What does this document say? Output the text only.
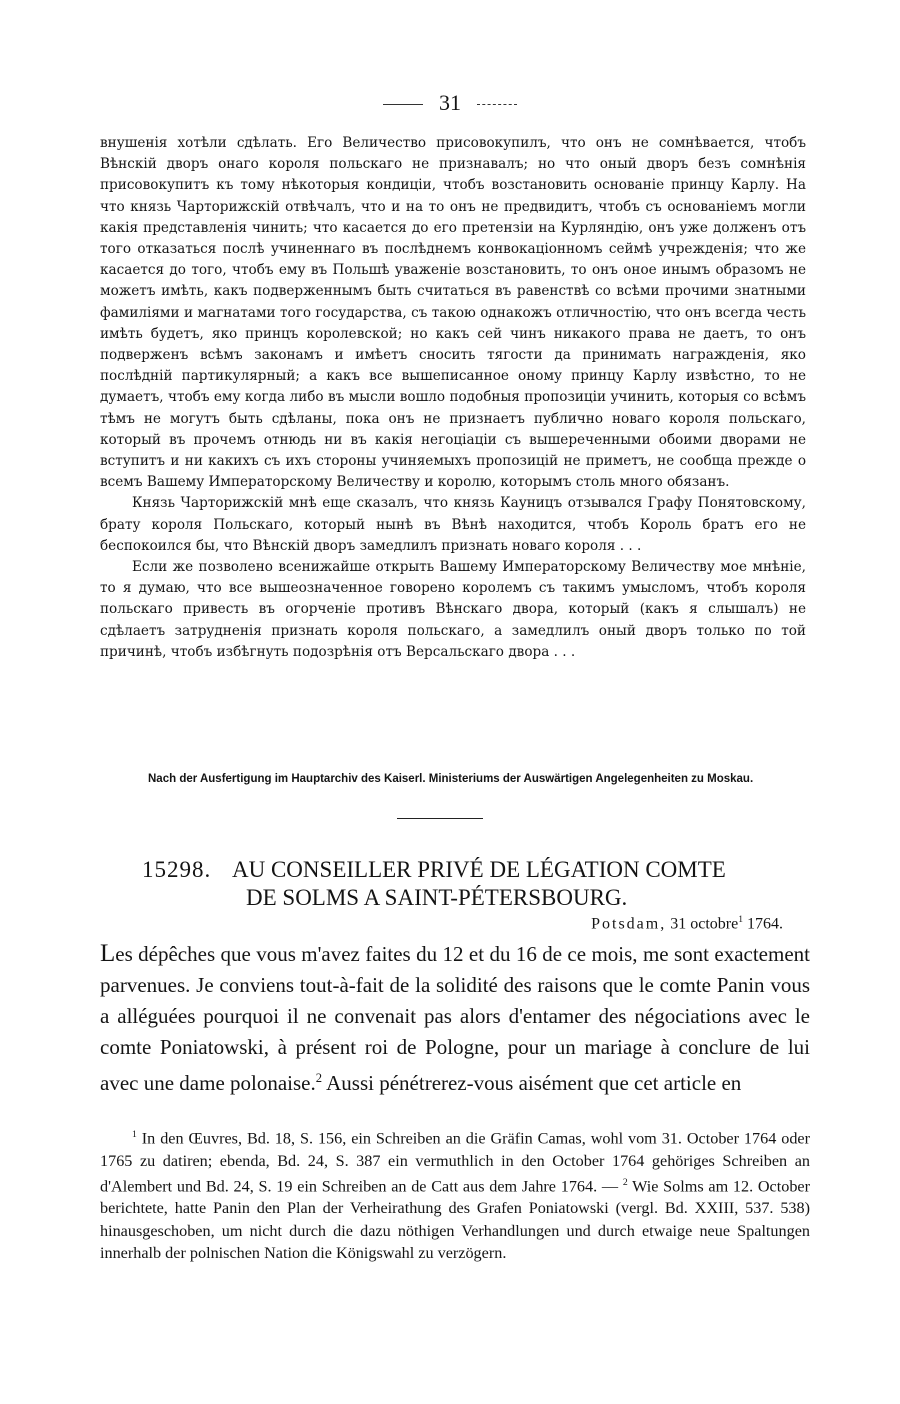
31

внушенія хотѣли сдѣлать. Его Величество присовокупилъ, что онъ не сомнѣвается, чтобъ Вѣнскій дворъ онаго короля польскаго не признавалъ; но что оный дворъ безъ сомнѣнія присовокупитъ къ тому нѣкоторыя кондиціи, чтобъ возстановить основаніе принцу Карлу. На что князь Чарторижскій отвѣчалъ, что и на то онъ не предвидитъ, чтобъ съ основаніемъ могли какія представленія чинить; что касается до его претензіи на Курляндію, онъ уже долженъ отъ того отказаться послѣ учиненнаго въ послѣднемъ конвокаціонномъ сеймѣ учрежденія; что же касается до того, чтобъ ему въ Польшѣ уваженіе возстановить, то онъ оное инымъ образомъ не можетъ имѣть, какъ подверженнымъ быть считаться въ равенствѣ со всѣми прочими знатными фамиліями и магнатами того государства, съ такою однакожъ отличностію, что онъ всегда честь имѣть будетъ, яко принцъ королевской; но какъ сей чинъ никакого права не даетъ, то онъ подверженъ всѣмъ законамъ и имѣетъ сносить тягости да принимать награжденія, яко послѣдній партикулярный; а какъ все вышеписанное оному принцу Карлу извѣстно, то не думаетъ, чтобъ ему когда либо въ мысли вошло подобныя пропозиціи учинить, которыя со всѣмъ тѣмъ не могутъ быть сдѣланы, пока онъ не признаетъ публично новаго короля польскаго, который въ прочемъ отнюдь ни въ какія негоціаціи съ вышереченными обоими дворами не вступитъ и ни какихъ съ ихъ стороны учиняемыхъ пропозицій не приметъ, не сообща прежде о всемъ Вашему Императорскому Величеству и королю, которымъ столь много обязанъ.

Князь Чарторижскій мнѣ еще сказалъ, что князь Кауницъ отзывался Графу Понятовскому, брату короля Польскаго, который нынѣ въ Вѣнѣ находится, чтобъ Король братъ его не беспокоился бы, что Вѣнскій дворъ замедлилъ признать новаго короля . . .

Если же позволено всенижайше открыть Вашему Императорскому Величеству мое мнѣніе, то я думаю, что все вышеозначенное говорено королемъ съ такимъ умысломъ, чтобъ короля польскаго привесть въ огорченіе противъ Вѣнскаго двора, который (какъ я слышалъ) не сдѣлаетъ затрудненія признать короля польскаго, а замедлилъ оный дворъ только по той причинѣ, чтобъ избѣгнуть подозрѣнія отъ Версальскаго двора . . .

Nach der Ausfertigung im Hauptarchiv des Kaiserl. Ministeriums der Auswärtigen Angelegenheiten zu Moskau.
15298. AU CONSEILLER PRIVÉ DE LÉGATION COMTE
DE SOLMS A SAINT-PÉTERSBOURG.
Potsdam, 31 octobre$^1$ 1764.

Les dépêches que vous m'avez faites du 12 et du 16 de ce mois, me sont exactement parvenues. Je conviens tout-à-fait de la solidité des raisons que le comte Panin vous a alléguées pourquoi il ne convenait pas alors d'entamer des négociations avec le comte Poniatowski, à présent roi de Pologne, pour un mariage à conclure de lui avec une dame polonaise.$^2$ Aussi pénétrerez-vous aisément que cet article en

$^1$ In den Œuvres, Bd. 18, S. 156, ein Schreiben an die Gräfin Camas, wohl vom 31. October 1764 oder 1765 zu datiren; ebenda, Bd. 24, S. 387 ein vermuthlich in den October 1764 gehöriges Schreiben an d'Alembert und Bd. 24, S. 19 ein Schreiben an de Catt aus dem Jahre 1764. — $^2$ Wie Solms am 12. October berichtete, hatte Panin den Plan der Verheirathung des Grafen Poniatowski (vergl. Bd. XXIII, 537. 538) hinausgeschoben, um nicht durch die dazu nöthigen Verhandlungen und durch etwaige neue Spaltungen innerhalb der polnischen Nation die Königswahl zu verzögern.
